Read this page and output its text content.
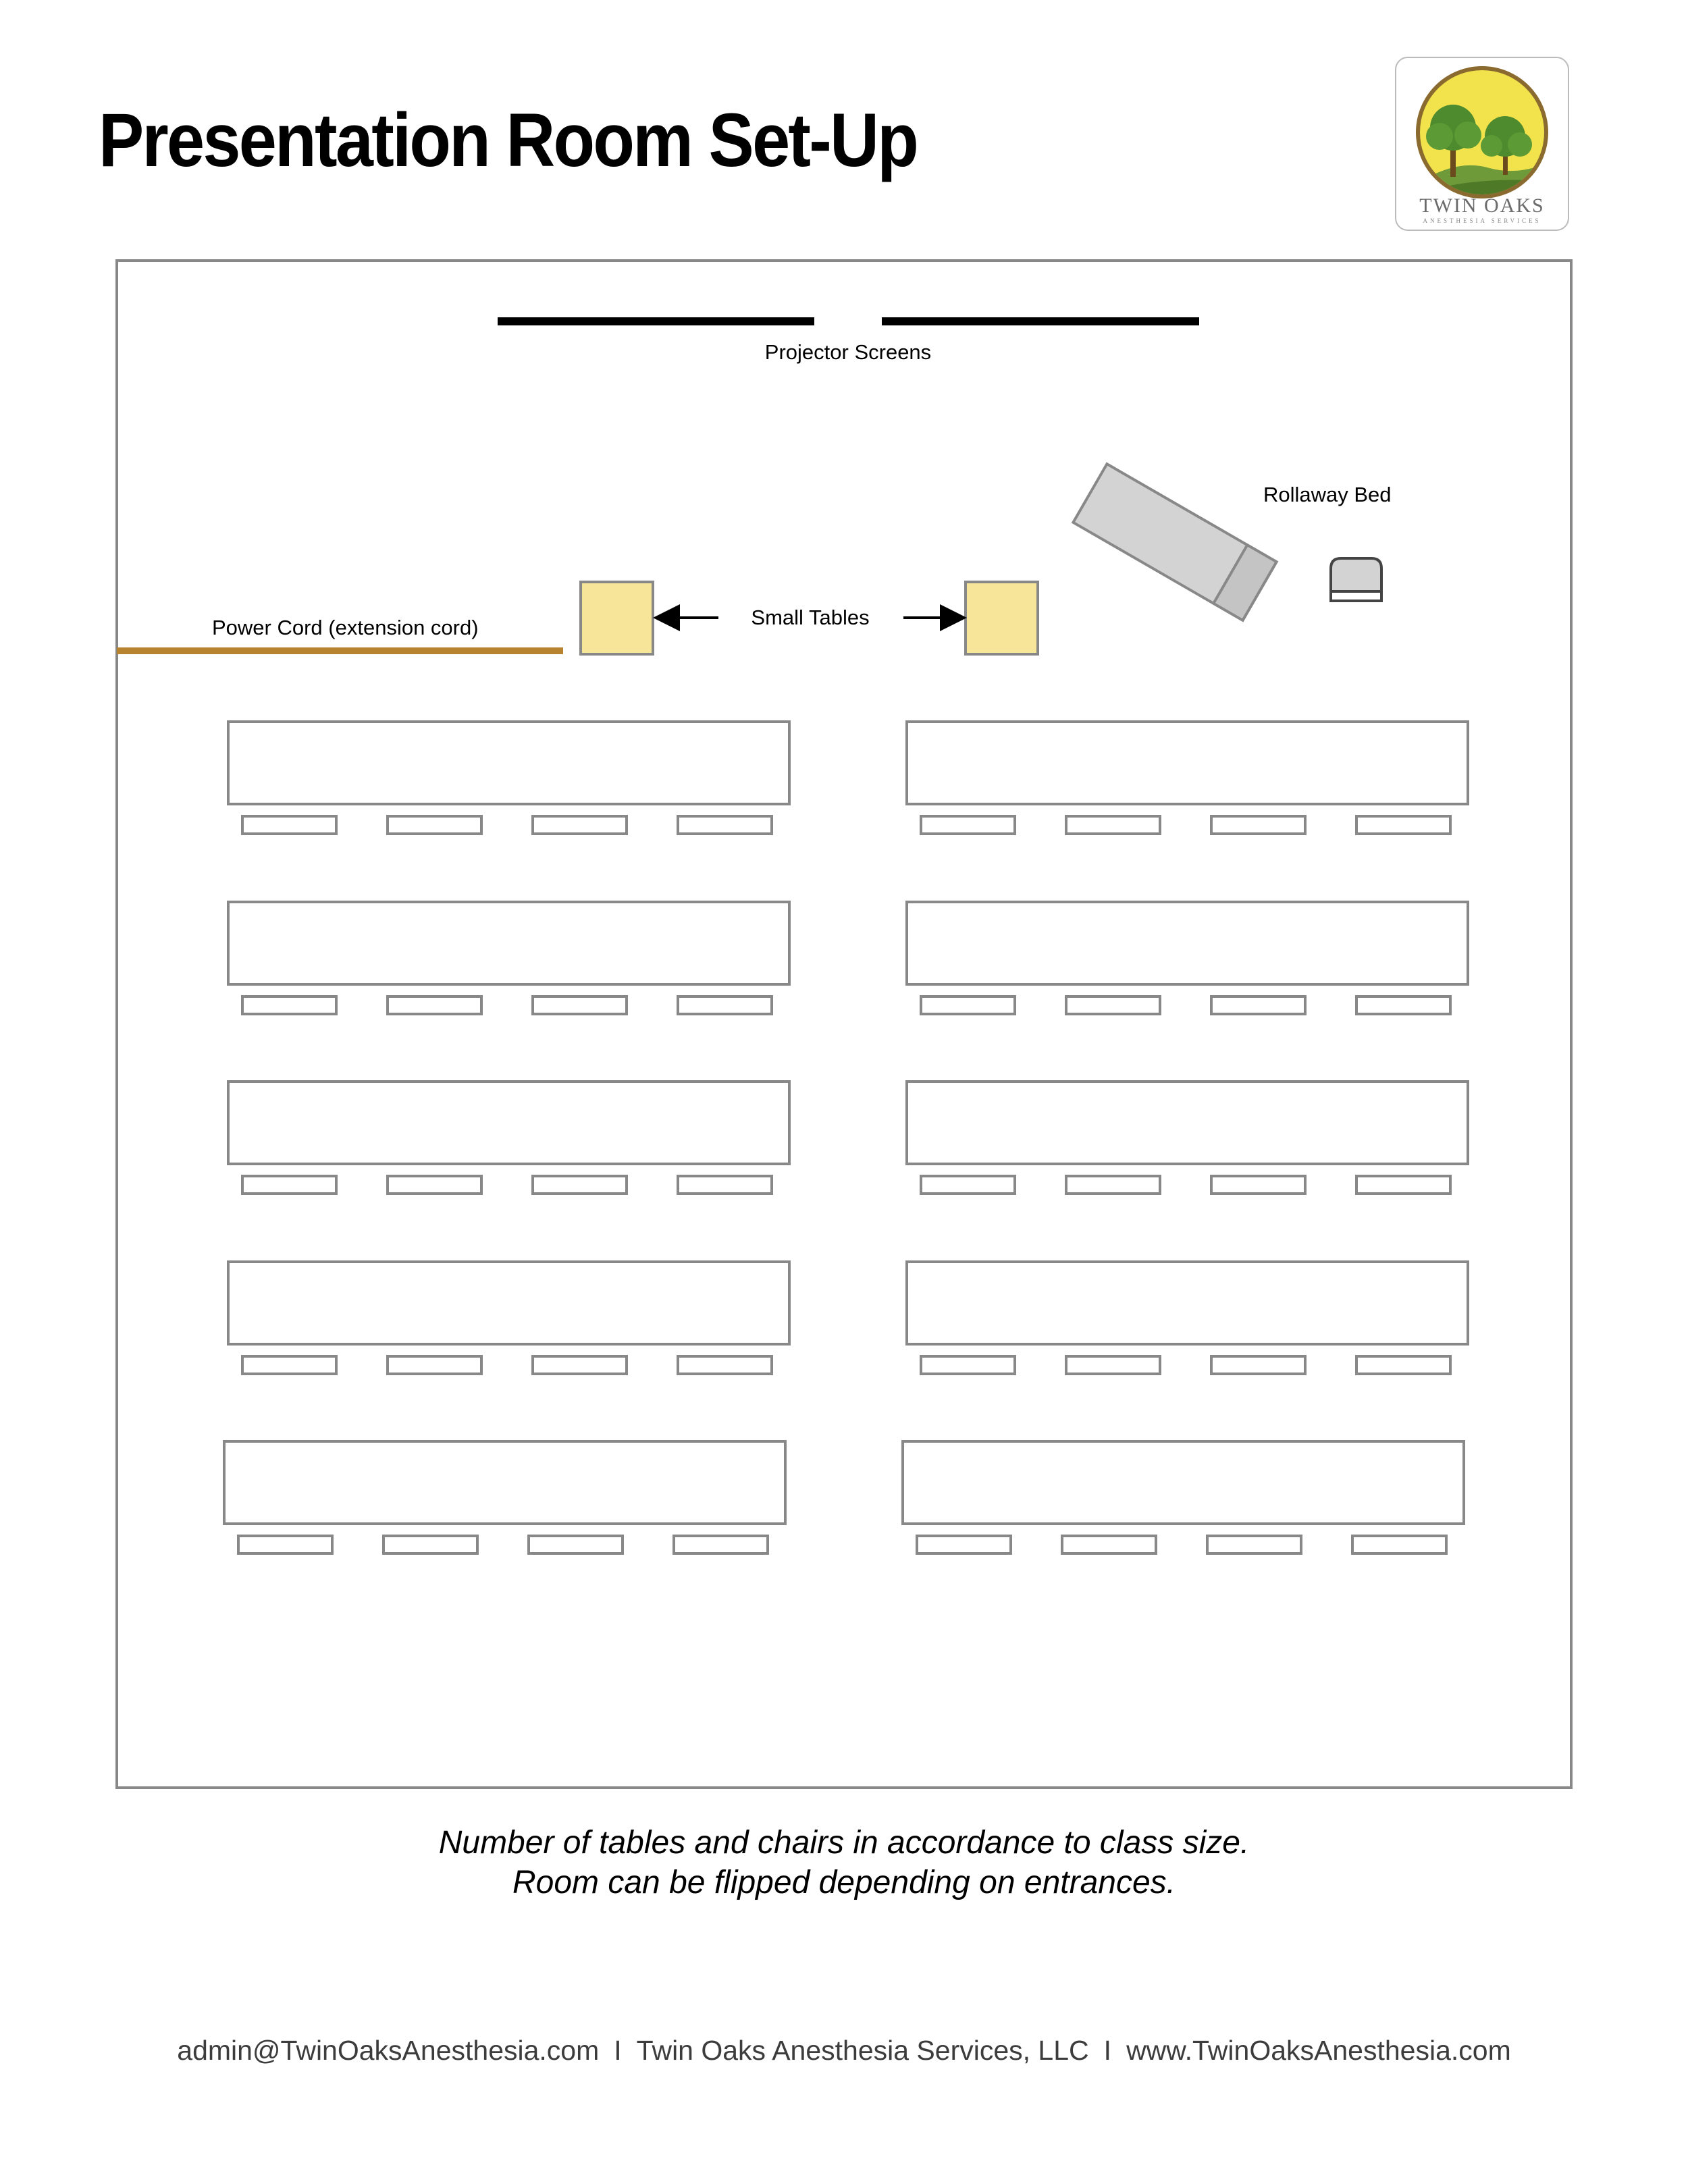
Presentation Room Set-Up
TWIN OAKS
ANESTHESIA SERVICES
Projector Screens
Rollaway Bed
Small Tables
Power Cord (extension cord)
Number of tables and chairs in accordance to class size.
Room can be flipped depending on entrances.
admin@TwinOaksAnesthesia.com I Twin Oaks Anesthesia Services, LLC I www.TwinOaksAnesthesia.com
